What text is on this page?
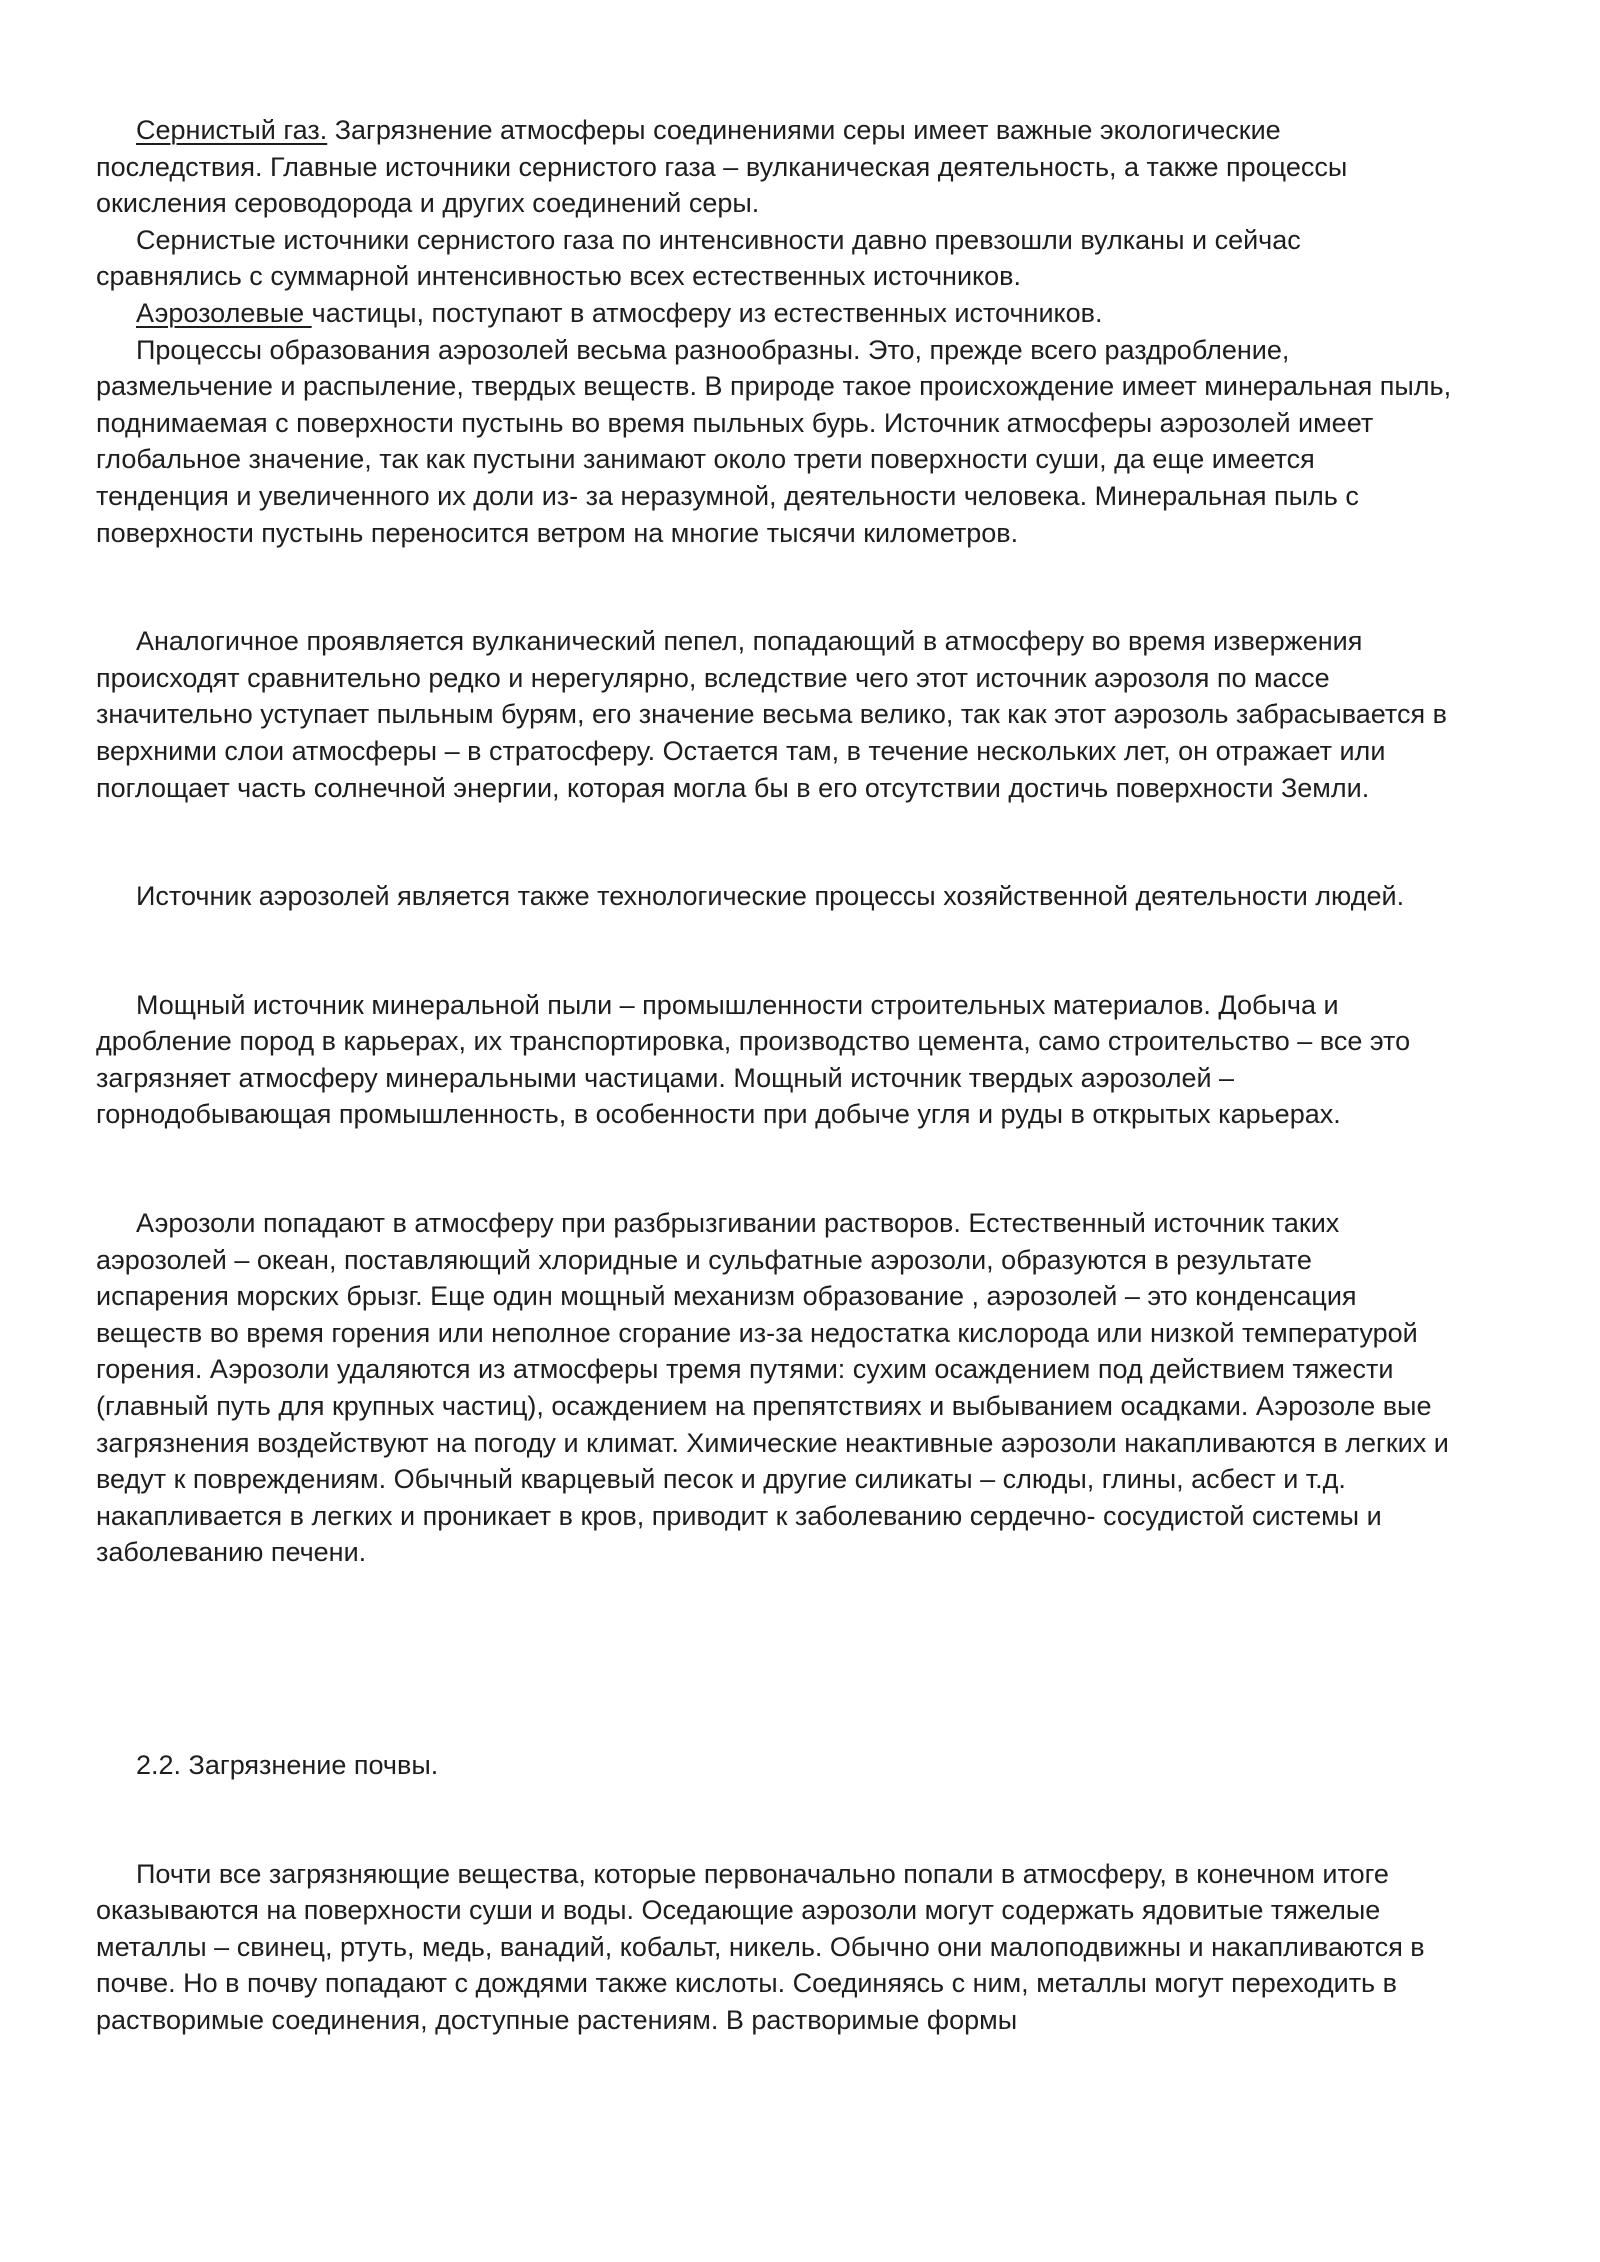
Сернистый газ. Загрязнение атмосферы соединениями серы имеет важные экологические последствия. Главные источники сернистого газа – вулканическая деятельность, а также процессы окисления сероводорода и других соединений серы.

Сернистые источники сернистого газа по интенсивности давно превзошли вулканы и сейчас сравнялись с суммарной интенсивностью всех естественных источников.

Аэрозолевые частицы, поступают в атмосферу из естественных источников.

Процессы образования аэрозолей весьма разнообразны. Это, прежде всего раздробление, размельчение и распыление, твердых веществ. В природе такое происхождение имеет минеральная пыль, поднимаемая с поверхности пустынь во время пыльных бурь. Источник атмосферы аэрозолей имеет глобальное значение, так как пустыни занимают около трети поверхности суши, да еще имеется тенденция и увеличенного их доли из- за неразумной, деятельности человека. Минеральная пыль с поверхности пустынь переносится ветром на многие тысячи километров.

Аналогичное проявляется вулканический пепел, попадающий в атмосферу во время извержения происходят сравнительно редко и нерегулярно, вследствие чего этот источник аэрозоля по массе значительно уступает пыльным бурям, его значение весьма велико, так как этот аэрозоль забрасывается в верхними слои атмосферы – в стратосферу. Остается там, в течение нескольких лет, он отражает или поглощает часть солнечной энергии, которая могла бы в его отсутствии достичь поверхности Земли.

Источник аэрозолей является также технологические процессы хозяйственной деятельности людей.

Мощный источник минеральной пыли – промышленности строительных материалов. Добыча и дробление пород в карьерах, их транспортировка, производство цемента, само строительство – все это загрязняет атмосферу минеральными частицами. Мощный источник твердых аэрозолей – горнодобывающая промышленность, в особенности при добыче угля и руды в открытых карьерах.

Аэрозоли попадают в атмосферу при разбрызгивании растворов. Естественный источник таких аэрозолей – океан, поставляющий хлоридные и сульфатные аэрозоли, образуются в результате испарения морских брызг. Еще один мощный механизм образование , аэрозолей – это конденсация веществ во время горения или неполное сгорание из-за недостатка кислорода или низкой температурой горения. Аэрозоли удаляются из атмосферы тремя путями: сухим осаждением под действием тяжести (главный путь для крупных частиц), осаждением на препятствиях и выбыванием осадками. Аэрозоле вые загрязнения воздействуют на погоду и климат. Химические неактивные аэрозоли накапливаются в легких и ведут к повреждениям. Обычный кварцевый песок и другие силикаты – слюды, глины, асбест и т.д. накапливается в легких и проникает в кров, приводит к заболеванию сердечно- сосудистой системы и заболеванию печени.

2.2. Загрязнение почвы.

Почти все загрязняющие вещества, которые первоначально попали в атмосферу, в конечном итоге оказываются на поверхности суши и воды. Оседающие аэрозоли могут содержать ядовитые тяжелые металлы – свинец, ртуть, медь, ванадий, кобальт, никель. Обычно они малоподвижны и накапливаются в почве. Но в почву попадают с дождями также кислоты. Соединяясь с ним, металлы могут переходить в растворимые соединения, доступные растениям. В растворимые формы
